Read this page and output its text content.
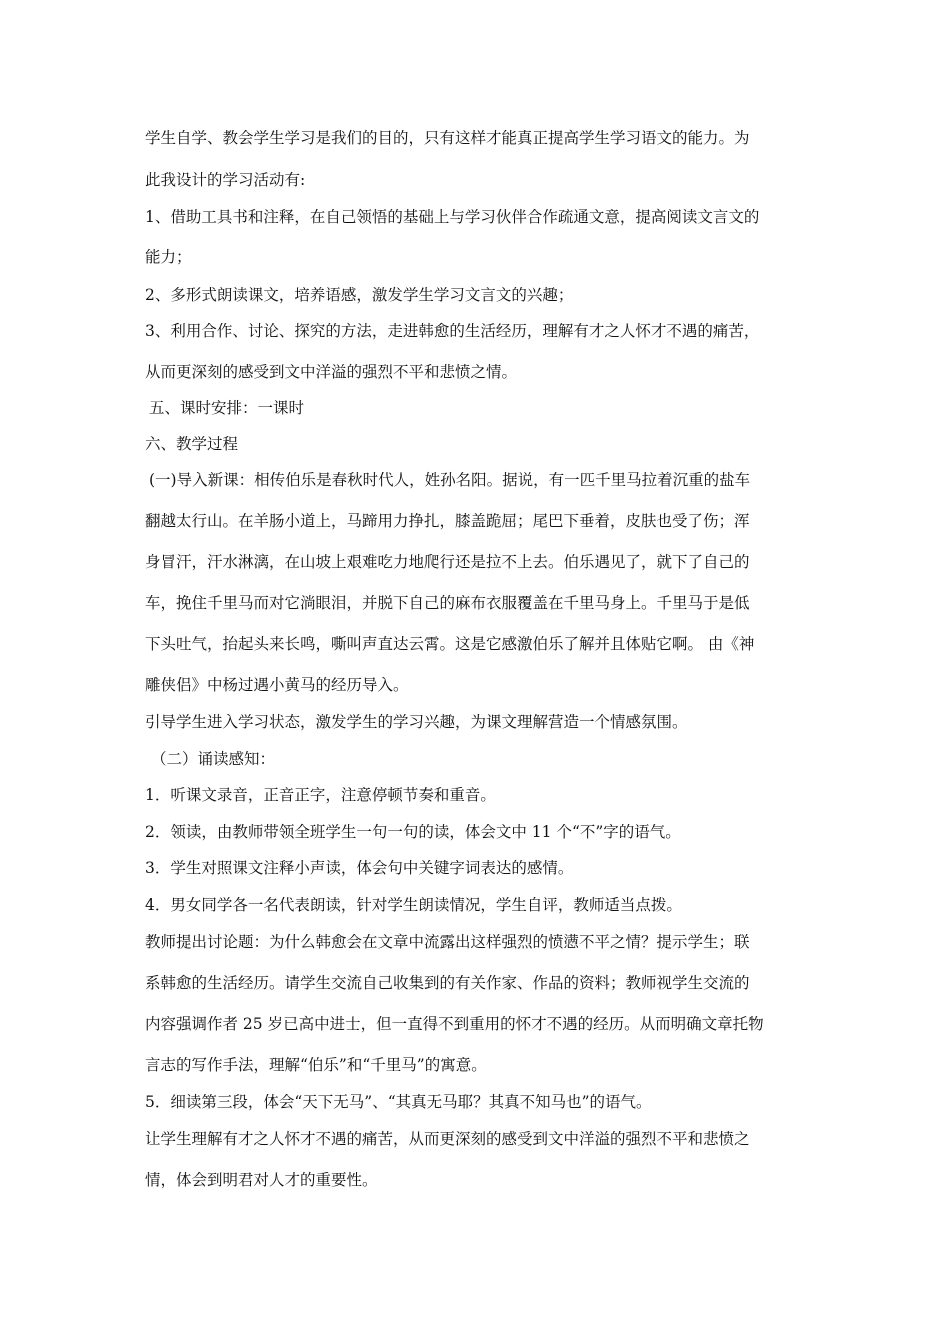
学生自学、教会学生学习是我们的目的，只有这样才能真正提高学生学习语文的能力。为
此我设计的学习活动有:
1、借助工具书和注释，在自己领悟的基础上与学习伙伴合作疏通文意，提高阅读文言文的
能力；
2、多形式朗读课文，培养语感，激发学生学习文言文的兴趣；
3、利用合作、讨论、探究的方法，走进韩愈的生活经历，理解有才之人怀才不遇的痛苦，
从而更深刻的感受到文中洋溢的强烈不平和悲愤之情。
五、课时安排：一课时
六、教学过程
(一)导入新课：相传伯乐是春秋时代人，姓孙名阳。据说，有一匹千里马拉着沉重的盐车
翻越太行山。在羊肠小道上，马蹄用力挣扎，膝盖跪屈；尾巴下垂着，皮肤也受了伤；浑
身冒汗，汗水淋漓，在山坡上艰难吃力地爬行还是拉不上去。伯乐遇见了，就下了自己的
车，挽住千里马而对它淌眼泪，并脱下自己的麻布衣服覆盖在千里马身上。千里马于是低
下头吐气，抬起头来长鸣，嘶叫声直达云霄。这是它感激伯乐了解并且体贴它啊。 由《神
雕侠侣》中杨过遇小黄马的经历导入。
引导学生进入学习状态，激发学生的学习兴趣，为课文理解营造一个情感氛围。
（二）诵读感知：
1．听课文录音，正音正字，注意停顿节奏和重音。
2．领读，由教师带领全班学生一句一句的读，体会文中 11 个“不”字的语气。
3．学生对照课文注释小声读，体会句中关键字词表达的感情。
4．男女同学各一名代表朗读，针对学生朗读情况，学生自评，教师适当点拨。
教师提出讨论题：为什么韩愈会在文章中流露出这样强烈的愤懑不平之情？提示学生；联
系韩愈的生活经历。请学生交流自己收集到的有关作家、作品的资料；教师视学生交流的
内容强调作者 25 岁已高中进士，但一直得不到重用的怀才不遇的经历。从而明确文章托物
言志的写作手法，理解“伯乐”和“千里马”的寓意。
5．细读第三段，体会“天下无马”、“其真无马耶？其真不知马也”的语气。
让学生理解有才之人怀才不遇的痛苦，从而更深刻的感受到文中洋溢的强烈不平和悲愤之
情，体会到明君对人才的重要性。
